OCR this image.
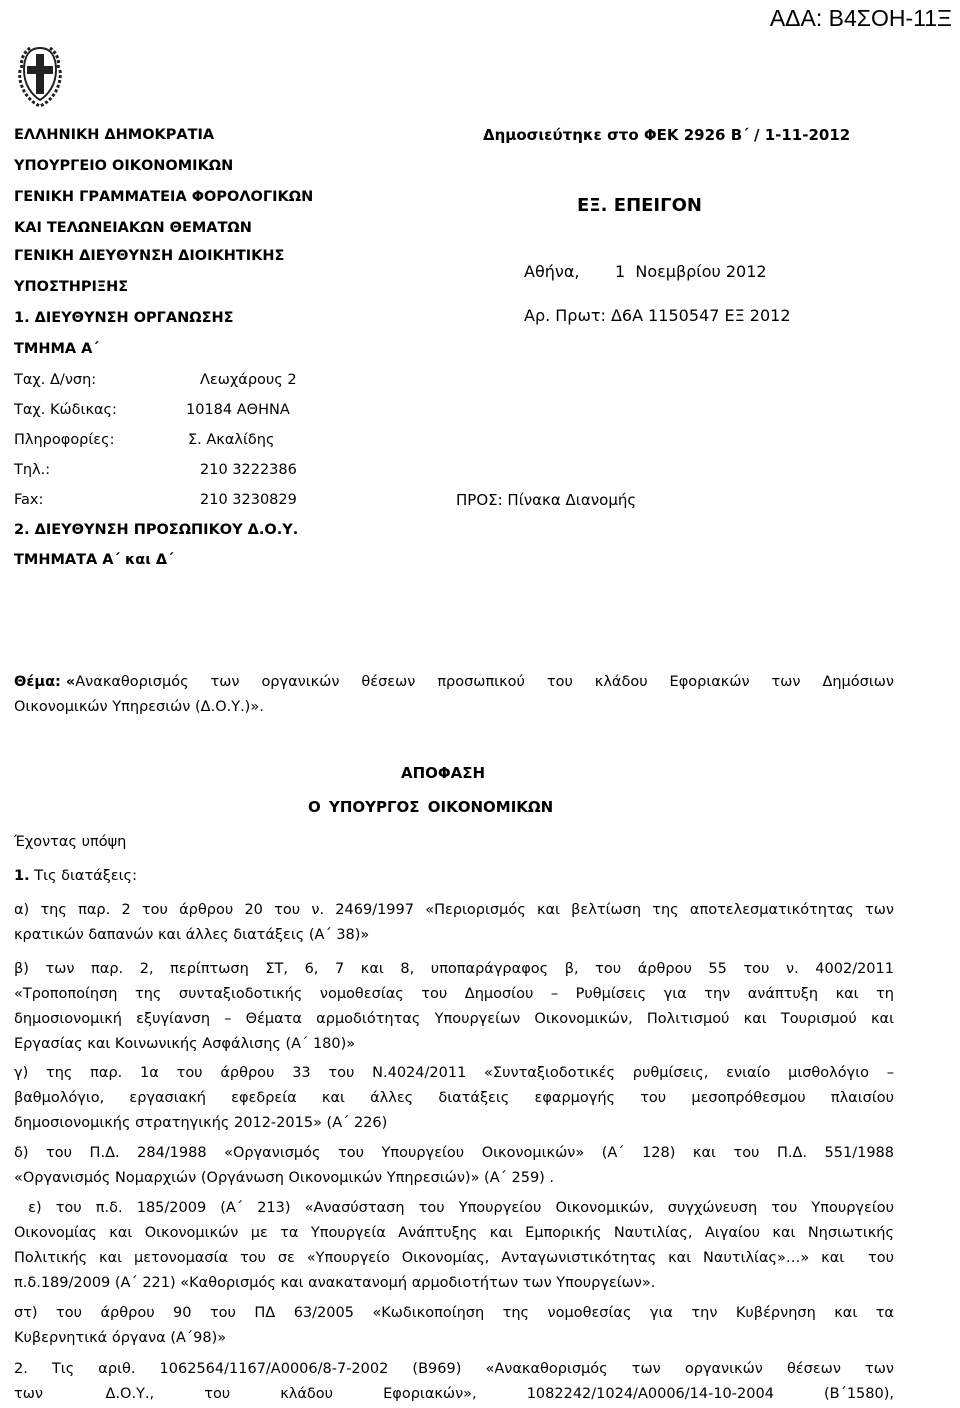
ΑΔΑ: Β4ΣΟΗ-11Ξ
ΕΛΛΗΝΙΚΗ ΔΗΜΟΚΡΑΤΙΑ
ΥΠΟΥΡΓΕΙΟ ΟΙΚΟΝΟΜΙΚΩΝ
ΓΕΝΙΚΗ ΓΡΑΜΜΑΤΕΙΑ ΦΟΡΟΛΟΓΙΚΩΝ
ΚΑΙ ΤΕΛΩΝΕΙΑΚΩΝ ΘΕΜΑΤΩΝ
ΓΕΝΙΚΗ ΔΙΕΥΘΥΝΣΗ ΔΙΟΙΚΗΤΙΚΗΣ
ΥΠΟΣΤΗΡΙΞΗΣ
1. ΔΙΕΥΘΥΝΣΗ ΟΡΓΑΝΩΣΗΣ
ΤΜΗΜΑ Α΄
Ταχ. Δ/νση:	Λεωχάρους 2
Ταχ. Κώδικας:	10184 ΑΘΗΝΑ
Πληροφορίες:	Σ. Ακαλίδης
Τηλ.:	210 3222386
Fax:	210 3230829
2. ΔΙΕΥΘΥΝΣΗ ΠΡΟΣΩΠΙΚΟΥ Δ.Ο.Υ.
ΤΜΗΜΑΤΑ Α΄ και Δ΄
Δημοσιεύτηκε στο ΦΕΚ 2926 Β΄ / 1-11-2012
ΕΞ. ΕΠΕΙΓΟΝ
Αθήνα, 1  Νοεμβρίου 2012
Αρ. Πρωτ: Δ6Α 1150547 ΕΞ 2012
ΠΡΟΣ: Πίνακα Διανομής
Θέμα: « Ανακαθορισμός των οργανικών θέσεων προσωπικού του κλάδου Εφοριακών των Δημόσιων
Οικονομικών Υπηρεσιών (Δ.Ο.Υ.)».
ΑΠΟΦΑΣΗ
Ο ΥΠΟΥΡΓΟΣ ΟΙΚΟΝΟΜΙΚΩΝ
Έχοντας υπόψη
1. Τις διατάξεις:
α) της παρ. 2 του άρθρου 20 του ν. 2469/1997 «Περιορισμός και βελτίωση της αποτελεσματικότητας των
κρατικών δαπανών και άλλες διατάξεις (Α΄ 38)»
β) των παρ. 2, περίπτωση ΣΤ, 6, 7 και 8, υποπαράγραφος β, του άρθρου 55 του ν. 4002/2011
«Τροποποίηση της συνταξιοδοτικής νομοθεσίας του Δημοσίου – Ρυθμίσεις για την ανάπτυξη και τη
δημοσιονομική εξυγίανση – Θέματα αρμοδιότητας Υπουργείων Οικονομικών, Πολιτισμού και Τουρισμού και
Εργασίας και Κοινωνικής Ασφάλισης (Α΄ 180)»
γ) της παρ. 1α του άρθρου 33 του Ν.4024/2011 «Συνταξιοδοτικές ρυθμίσεις, ενιαίο μισθολόγιο –
βαθμολόγιο, εργασιακή εφεδρεία και άλλες διατάξεις εφαρμογής του μεσοπρόθεσμου πλαισίου
δημοσιονομικής στρατηγικής 2012-2015» (Α΄ 226)
δ) του Π.Δ. 284/1988 «Οργανισμός του Υπουργείου Οικονομικών» (Α΄ 128) και του Π.Δ. 551/1988
«Οργανισμός Νομαρχιών (Οργάνωση Οικονομικών Υπηρεσιών)» (Α΄ 259) .
ε) του π.δ. 185/2009 (Α΄ 213) «Ανασύσταση του Υπουργείου Οικονομικών, συγχώνευση του Υπουργείου
Οικονομίας και Οικονομικών με τα Υπουργεία Ανάπτυξης και Εμπορικής Ναυτιλίας, Αιγαίου και Νησιωτικής
Πολιτικής και μετονομασία του σε «Υπουργείο Οικονομίας, Ανταγωνιστικότητας και Ναυτιλίας»…» και  του
π.δ.189/2009 (Α΄ 221) «Καθορισμός και ανακατανομή αρμοδιοτήτων των Υπουργείων».
στ) του άρθρου 90 του ΠΔ 63/2005 «Κωδικοποίηση της νομοθεσίας για την Κυβέρνηση και τα
Κυβερνητικά όργανα (Α΄98)»
2. Τις αριθ. 1062564/1167/Α0006/8-7-2002 (Β969) «Ανακαθορισμός των οργανικών θέσεων των
των     Δ.Ο.Υ.,    του    κλάδου    Εφοριακών»,    1082242/1024/Α0006/14-10-2004    (Β΄1580),
